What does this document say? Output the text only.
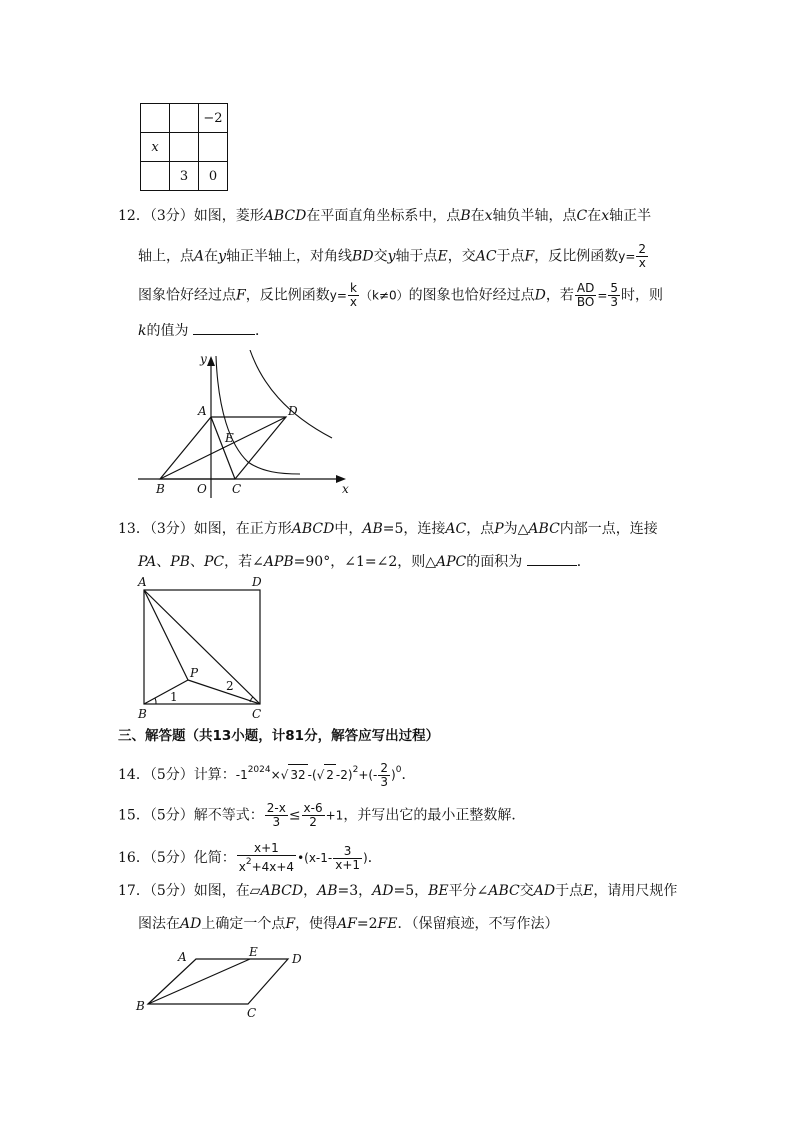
		−2
x		
	3	0
12．（3分）如图，菱形ABCD在平面直角坐标系中，点B在x轴负半轴，点C在x轴正半
轴上，点A在y轴正半轴上，对角线BD交y轴于点E，交AC于点F，反比例函数$y= \frac{2}{x}$
图象恰好经过点F，反比例函数$y= \frac{k}{x} (k\ne 0)$的图象也恰好经过点D，若 $\frac{AD}{BO} = \frac{5}{3}$ 时，则
k的值为	．
y
A	D
E
B	O C	x
13．（3分）如图，在正方形ABCD中，AB=5，连接AC，点P为△ABC内部一点，连接
PA、PB、PC，若∠APB=90°，∠1=∠2，则△APC的面积为	．
A	D
P
B	C
1
2
三、解答题（共13小题，计81分，解答应写出过程）
14．（5分）计算：$-1^{2024}\times√$ 32 -(√ 2 $-2)^2+(- \frac{2}{3} )^0$．
15．（5分）解不等式： $\frac{2-x}{3} \le \frac{x-6}{2} +1$，并写出它的最小正整数解．
16．（5分）化简： $\frac{x+1}{x^2+4x+4}$ •(x-1- $\frac{3}{x+1}$ )．
17．（5分）如图，在▱ABCD，AB=3，AD=5，BE平分∠ABC交AD于点E，请用尺规作
图法在AD上确定一个点F，使得AF=2FE．（保留痕迹，不写作法）
A	E	D
B	C
